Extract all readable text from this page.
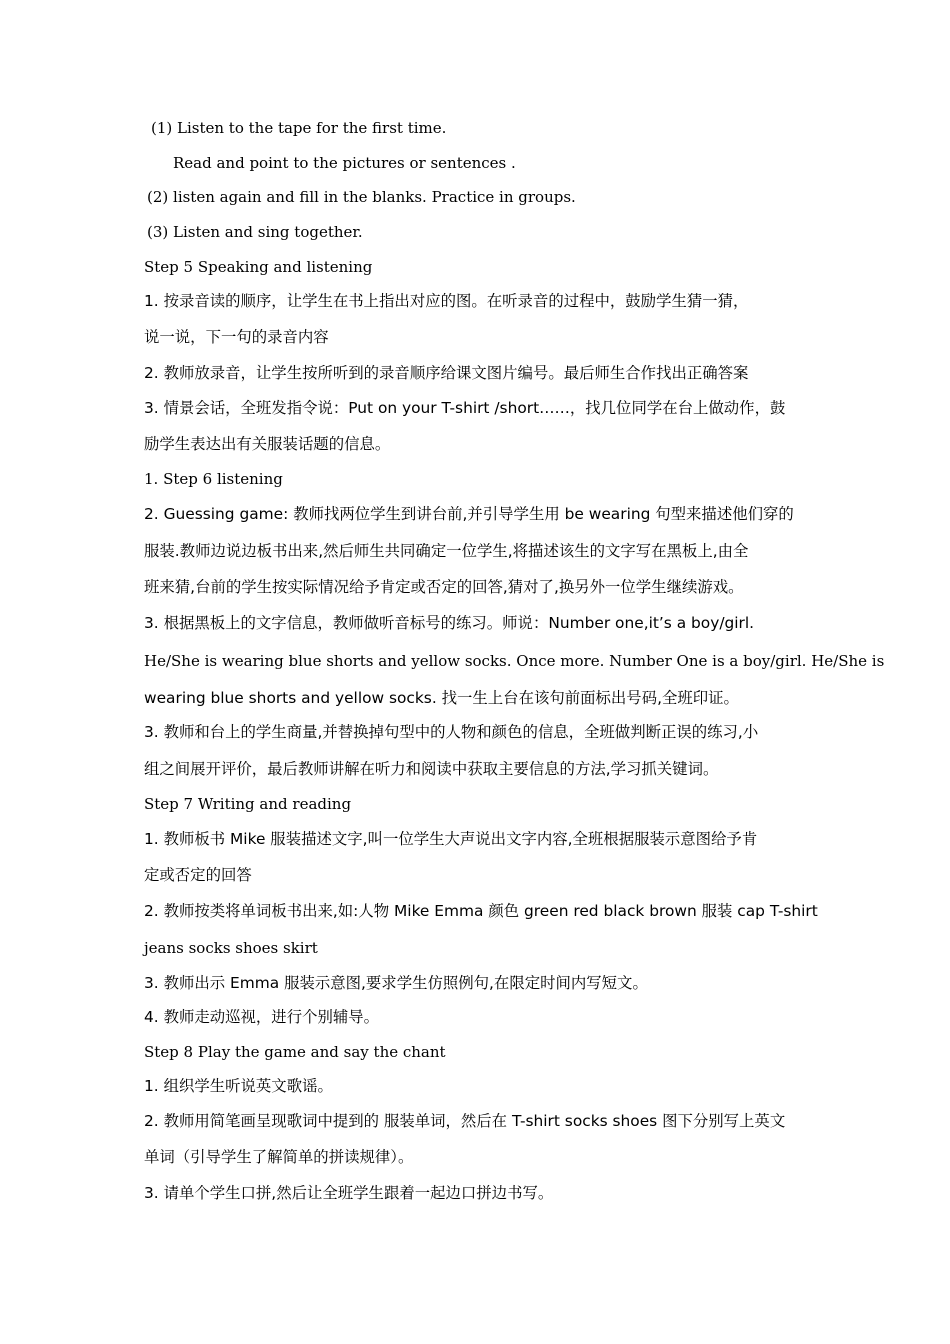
(1) Listen to the tape for the first time.
Read and point to the pictures or sentences .
(2) listen again and fill in the blanks. Practice in groups.
(3) Listen and sing together.
Step 5 Speaking and listening
1. 按录音读的顺序，让学生在书上指出对应的图。在听录音的过程中，鼓励学生猜一猜，
说一说，下一句的录音内容
2. 教师放录音，让学生按所听到的录音顺序给课文图片编号。最后师生合作找出正确答案
3. 情景会话，全班发指令说：Put on your T-shirt /short……，找几位同学在台上做动作，鼓
励学生表达出有关服装话题的信息。
1. Step 6 listening
2. Guessing game: 教师找两位学生到讲台前,并引导学生用 be wearing 句型来描述他们穿的
服装.教师边说边板书出来,然后师生共同确定一位学生,将描述该生的文字写在黑板上,由全
班来猜,台前的学生按实际情况给予肯定或否定的回答,猜对了,换另外一位学生继续游戏。
3. 根据黑板上的文字信息，教师做听音标号的练习。师说：Number one,it’s a boy/girl.
He/She is wearing blue shorts and yellow socks. Once more. Number One is a boy/girl. He/She is
wearing blue shorts and yellow socks. 找一生上台在该句前面标出号码,全班印证。
3. 教师和台上的学生商量,并替换掉句型中的人物和颜色的信息，全班做判断正误的练习,小
组之间展开评价，最后教师讲解在听力和阅读中获取主要信息的方法,学习抓关键词。
Step 7 Writing and reading
1. 教师板书 Mike 服装描述文字,叫一位学生大声说出文字内容,全班根据服装示意图给予肯
定或否定的回答
2. 教师按类将单词板书出来,如:人物 Mike Emma 颜色 green red black brown 服装 cap T-shirt
jeans socks shoes skirt
3. 教师出示 Emma 服装示意图,要求学生仿照例句,在限定时间内写短文。
4. 教师走动巡视，进行个别辅导。
Step 8 Play the game and say the chant
1. 组织学生听说英文歌谣。
2. 教师用简笔画呈现歌词中提到的 服装单词，然后在 T-shirt socks shoes 图下分别写上英文
单词（引导学生了解简单的拼读规律）。
3. 请单个学生口拼,然后让全班学生跟着一起边口拼边书写。
